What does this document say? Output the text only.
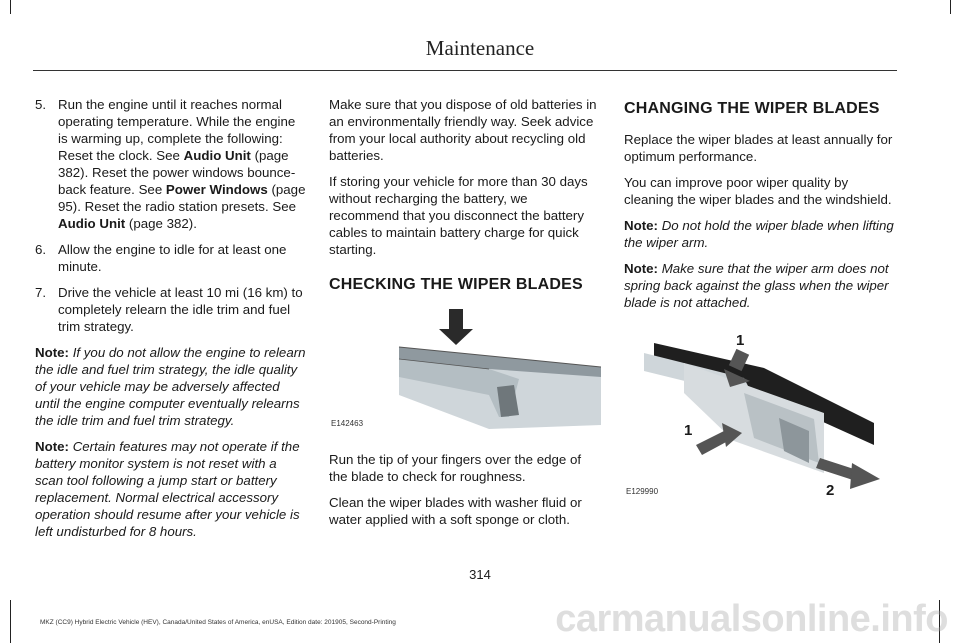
Maintenance
5. Run the engine until it reaches normal operating temperature. While the engine is warming up, complete the following: Reset the clock. See Audio Unit (page 382). Reset the power windows bounce-back feature. See Power Windows (page 95). Reset the radio station presets. See Audio Unit (page 382).
6. Allow the engine to idle for at least one minute.
7. Drive the vehicle at least 10 mi (16 km) to completely relearn the idle trim and fuel trim strategy.

Note: If you do not allow the engine to relearn the idle and fuel trim strategy, the idle quality of your vehicle may be adversely affected until the engine computer eventually relearns the idle trim and fuel trim strategy.

Note: Certain features may not operate if the battery monitor system is not reset with a scan tool following a jump start or battery replacement. Normal electrical accessory operation should resume after your vehicle is left undisturbed for 8 hours.

Make sure that you dispose of old batteries in an environmentally friendly way. Seek advice from your local authority about recycling old batteries.

If storing your vehicle for more than 30 days without recharging the battery, we recommend that you disconnect the battery cables to maintain battery charge for quick starting.

CHECKING THE WIPER BLADES
E142463

Run the tip of your fingers over the edge of the blade to check for roughness.

Clean the wiper blades with washer fluid or water applied with a soft sponge or cloth.

CHANGING THE WIPER BLADES

Replace the wiper blades at least annually for optimum performance.

You can improve poor wiper quality by cleaning the wiper blades and the windshield.

Note: Do not hold the wiper blade when lifting the wiper arm.

Note: Make sure that the wiper arm does not spring back against the glass when the wiper blade is not attached.

1
1
2
E129990
314
MKZ (CC9) Hybrid Electric Vehicle (HEV), Canada/United States of America, enUSA, Edition date: 201905, Second-Printing	carmanualsonline.info
